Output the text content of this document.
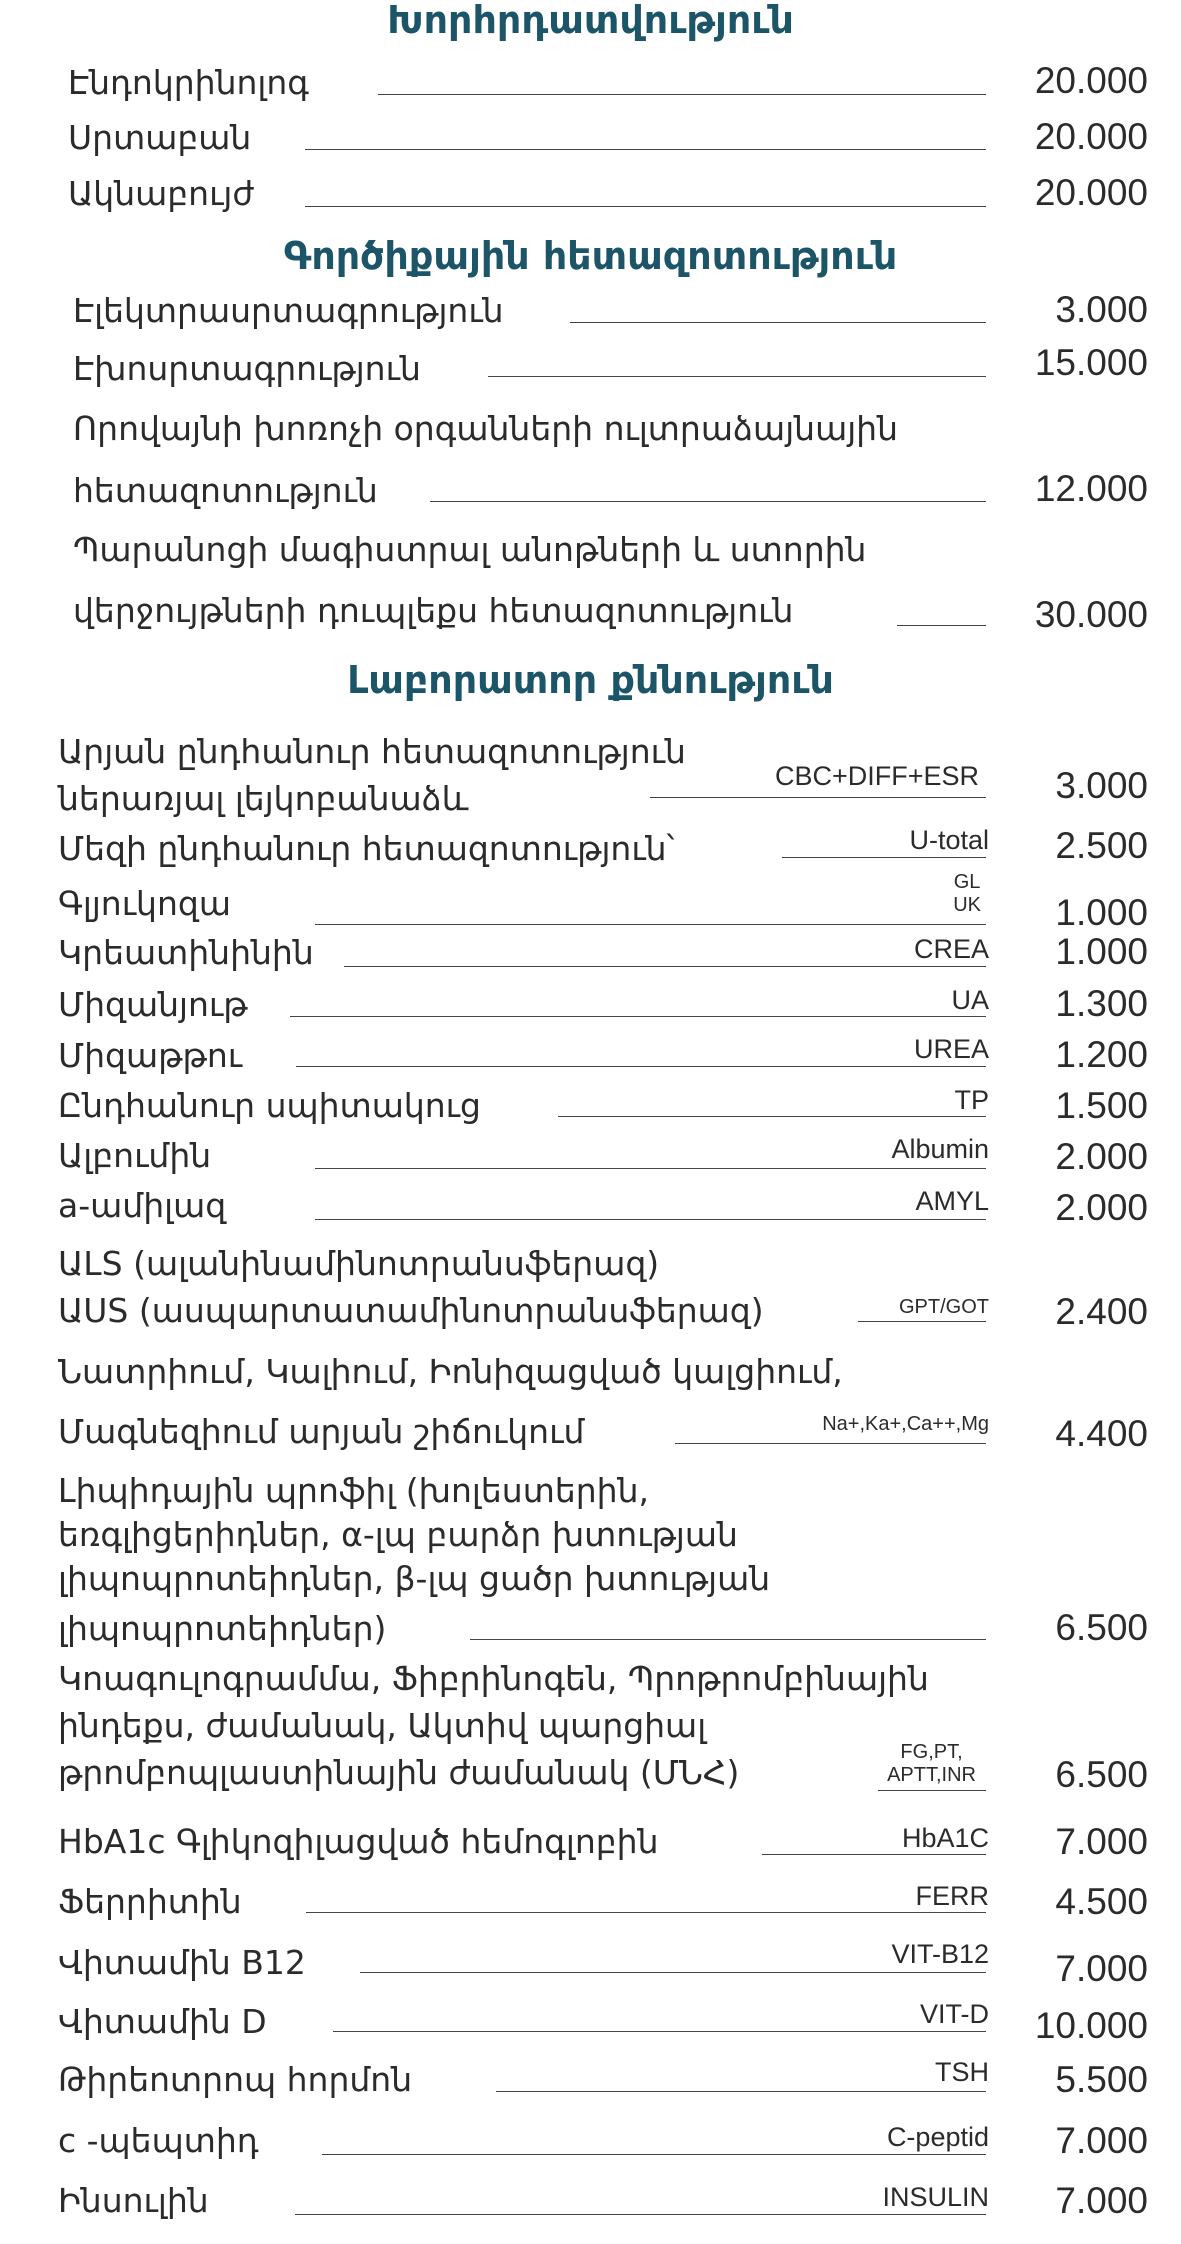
Խորհրդատվություն
Էնդոկրինոլոգ	20.000
Սրտաբան	20.000
Ակնաբույժ	20.000
Գործիքային հետազոտություն
Էլեկտրասրտագրություն	3.000
Էխոսրտագրություն	15.000
Որովայնի խոռոչի օրգանների ուլտրաձայնային
հետազոտություն	12.000
Պարանոցի մագիստրալ անոթների և ստորին
վերջույթների դուպլեքս հետազոտություն	30.000
Լաբորատոր քննություն
Արյան ընդհանուր հետազոտություն
ներառյալ լեյկոբանաձև
CBC+DIFF+ESR 3.000
Մեզի ընդհանուր հետազոտություն՝	U-total 2.500
Գլյուկոզա
GL
UK 1.000
Կրեատինինին	CREA 1.000
Միզանյութ	UA 1.300
Միզաթթու	UREA 1.200
Ընդհանուր սպիտակուց	TP 1.500
Ալբումին	Albumin 2.000
a-ամիլազ	AMYL 2.000
ԱLS (ալանինամինոտրանսֆերազ)
ԱUS (ասպարտատամինոտրանսֆերազ)	GPT/GOT 2.400
Նատրիում, Կալիում, Իոնիզացված կալցիում,
Մագնեզիում արյան շիճուկում	Na+,Ka+,Ca++,Mg 4.400
Լիպիդային պրոֆիլ (խոլեստերին,
եռգլիցերիդներ, α-լպ բարձր խտության
լիպոպրոտեիդներ, β-լպ ցածր խտության
լիպոպրոտեիդներ)	6.500
Կոագուլոգրամմա, Ֆիբրինոգեն, Պրոթրոմբինային
ինդեքս, ժամանակ, Ակտիվ պարցիալ
թրոմբոպլաստինային ժամանակ (ՄՆՀ)
FG,PT,
APTT,INR 6.500
HbA1c Գլիկոզիլացված հեմոգլոբին	HbA1C 7.000
Ֆերրիտին	FERR 4.500
Վիտամին B12	VIT-B12 7.000
Վիտամին D	VIT-D 10.000
Թիրեոտրոպ հորմոն	TSH 5.500
c -պեպտիդ	C-peptid 7.000
Ինսուլին	INSULIN 7.000
